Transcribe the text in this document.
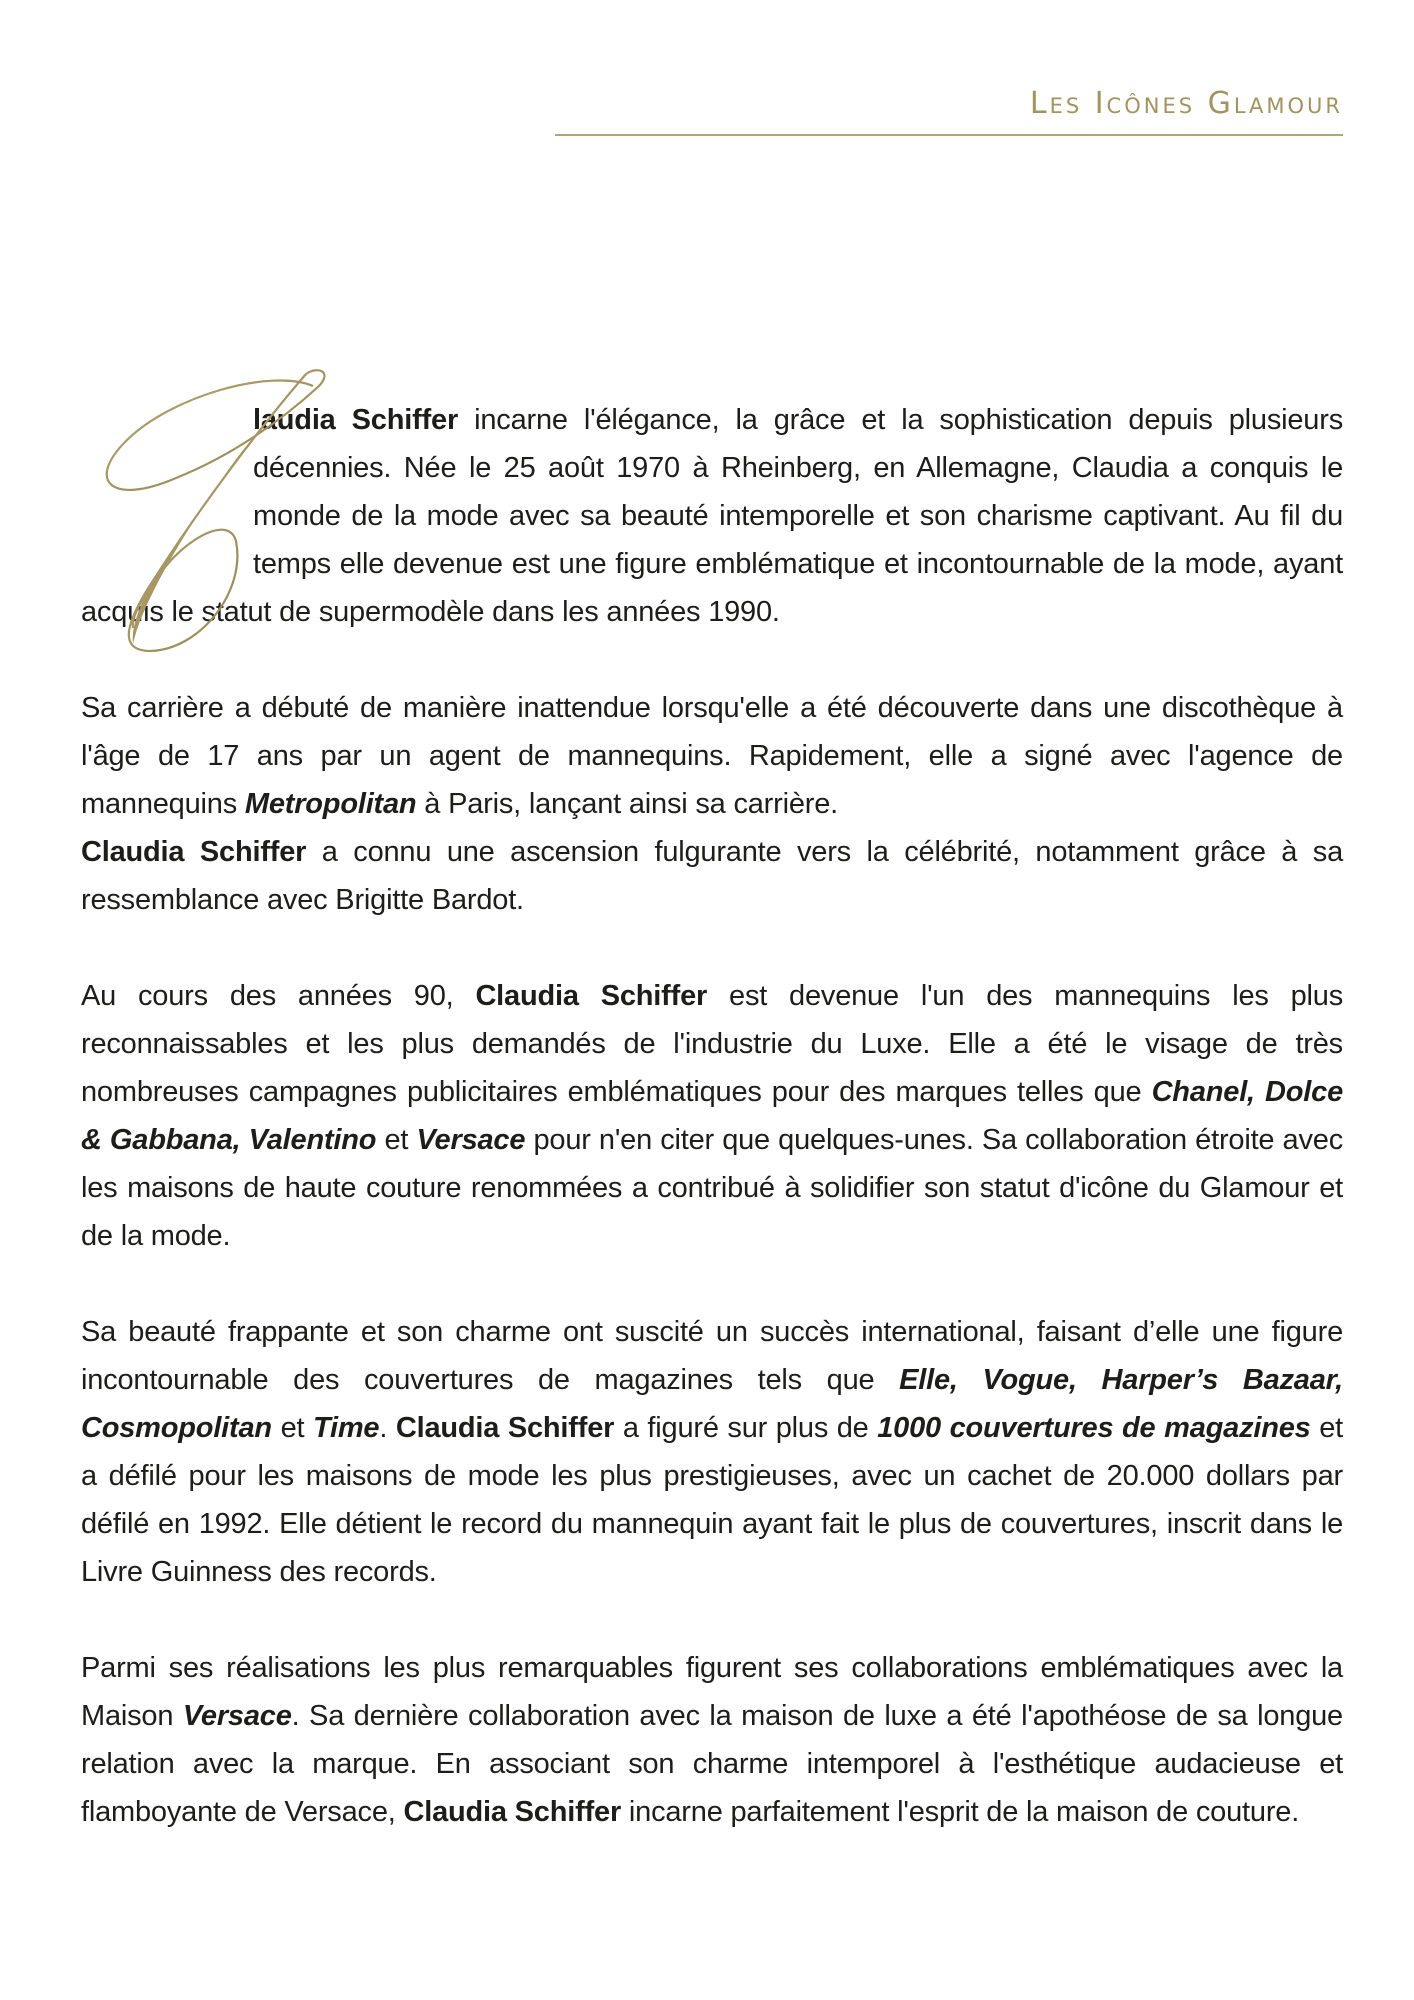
Les Icônes Glamour

laudia Schiffer incarne l'élégance, la grâce et la sophistication depuis plusieurs décennies. Née le 25 août 1970 à Rheinberg, en Allemagne, Claudia a conquis le monde de la mode avec sa beauté intemporelle et son charisme captivant. Au fil du temps elle devenue est une figure emblématique et incontournable de la mode, ayant acquis le statut de supermodèle dans les années 1990.

Sa carrière a débuté de manière inattendue lorsqu'elle a été découverte dans une discothèque à l'âge de 17 ans par un agent de mannequins. Rapidement, elle a signé avec l'agence de mannequins Metropolitan à Paris, lançant ainsi sa carrière.
Claudia Schiffer a connu une ascension fulgurante vers la célébrité, notamment grâce à sa ressemblance avec Brigitte Bardot.

Au cours des années 90, Claudia Schiffer est devenue l'un des mannequins les plus reconnaissables et les plus demandés de l'industrie du Luxe. Elle a été le visage de très nombreuses campagnes publicitaires emblématiques pour des marques telles que Chanel, Dolce & Gabbana, Valentino et Versace pour n'en citer que quelques-unes. Sa collaboration étroite avec les maisons de haute couture renommées a contribué à solidifier son statut d'icône du Glamour et de la mode.

Sa beauté frappante et son charme ont suscité un succès international, faisant d’elle une figure incontournable des couvertures de magazines tels que Elle, Vogue, Harper’s Bazaar, Cosmopolitan et Time. Claudia Schiffer a figuré sur plus de 1000 couvertures de magazines et a défilé pour les maisons de mode les plus prestigieuses, avec un cachet de 20.000 dollars par défilé en 1992. Elle détient le record du mannequin ayant fait le plus de couvertures, inscrit dans le Livre Guinness des records.

Parmi ses réalisations les plus remarquables figurent ses collaborations emblématiques avec la Maison Versace. Sa dernière collaboration avec la maison de luxe a été l'apothéose de sa longue relation avec la marque. En associant son charme intemporel à l'esthétique audacieuse et flamboyante de Versace, Claudia Schiffer incarne parfaitement l'esprit de la maison de couture.
